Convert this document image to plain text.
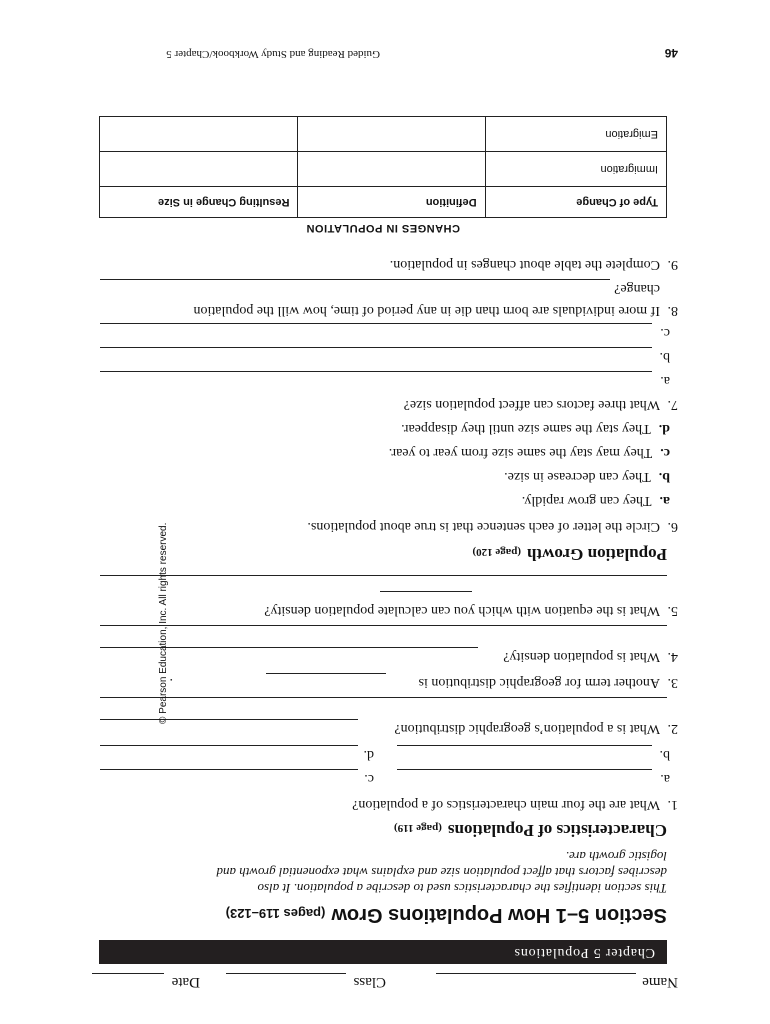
Name
Class
Date
Chapter 5 Populations
Section 5–1 How Populations Grow(pages 119–123)
This section identifies the characteristics used to describe a population. It also describes factors that affect population size and explains what exponential growth and logistic growth are.
Characteristics of Populations(page 119)
1.
What are the four main characteristics of a population?
a.
c.
b.
d.
2.
What is a population’s geographic distribution?
3.
Another term for geographic distribution is
.
4.
What is population density?
5.
What is the equation with which you can calculate population density?
Population Growth(page 120)
6.
Circle the letter of each sentence that is true about populations.
a.They can grow rapidly.
b.They can decrease in size.
c.They may stay the same size from year to year.
d.They stay the same size until they disappear.
7.
What three factors can affect population size?
a.
b.
c.
8.
If more individuals are born than die in any period of time, how will the population
change?
9.
Complete the table about changes in population.
CHANGES IN POPULATION
Type of Change	Definition	Resulting Change in Size
Immigration		
Emigration		
46
Guided Reading and Study Workbook/Chapter 5
© Pearson Education, Inc. All rights reserved.
